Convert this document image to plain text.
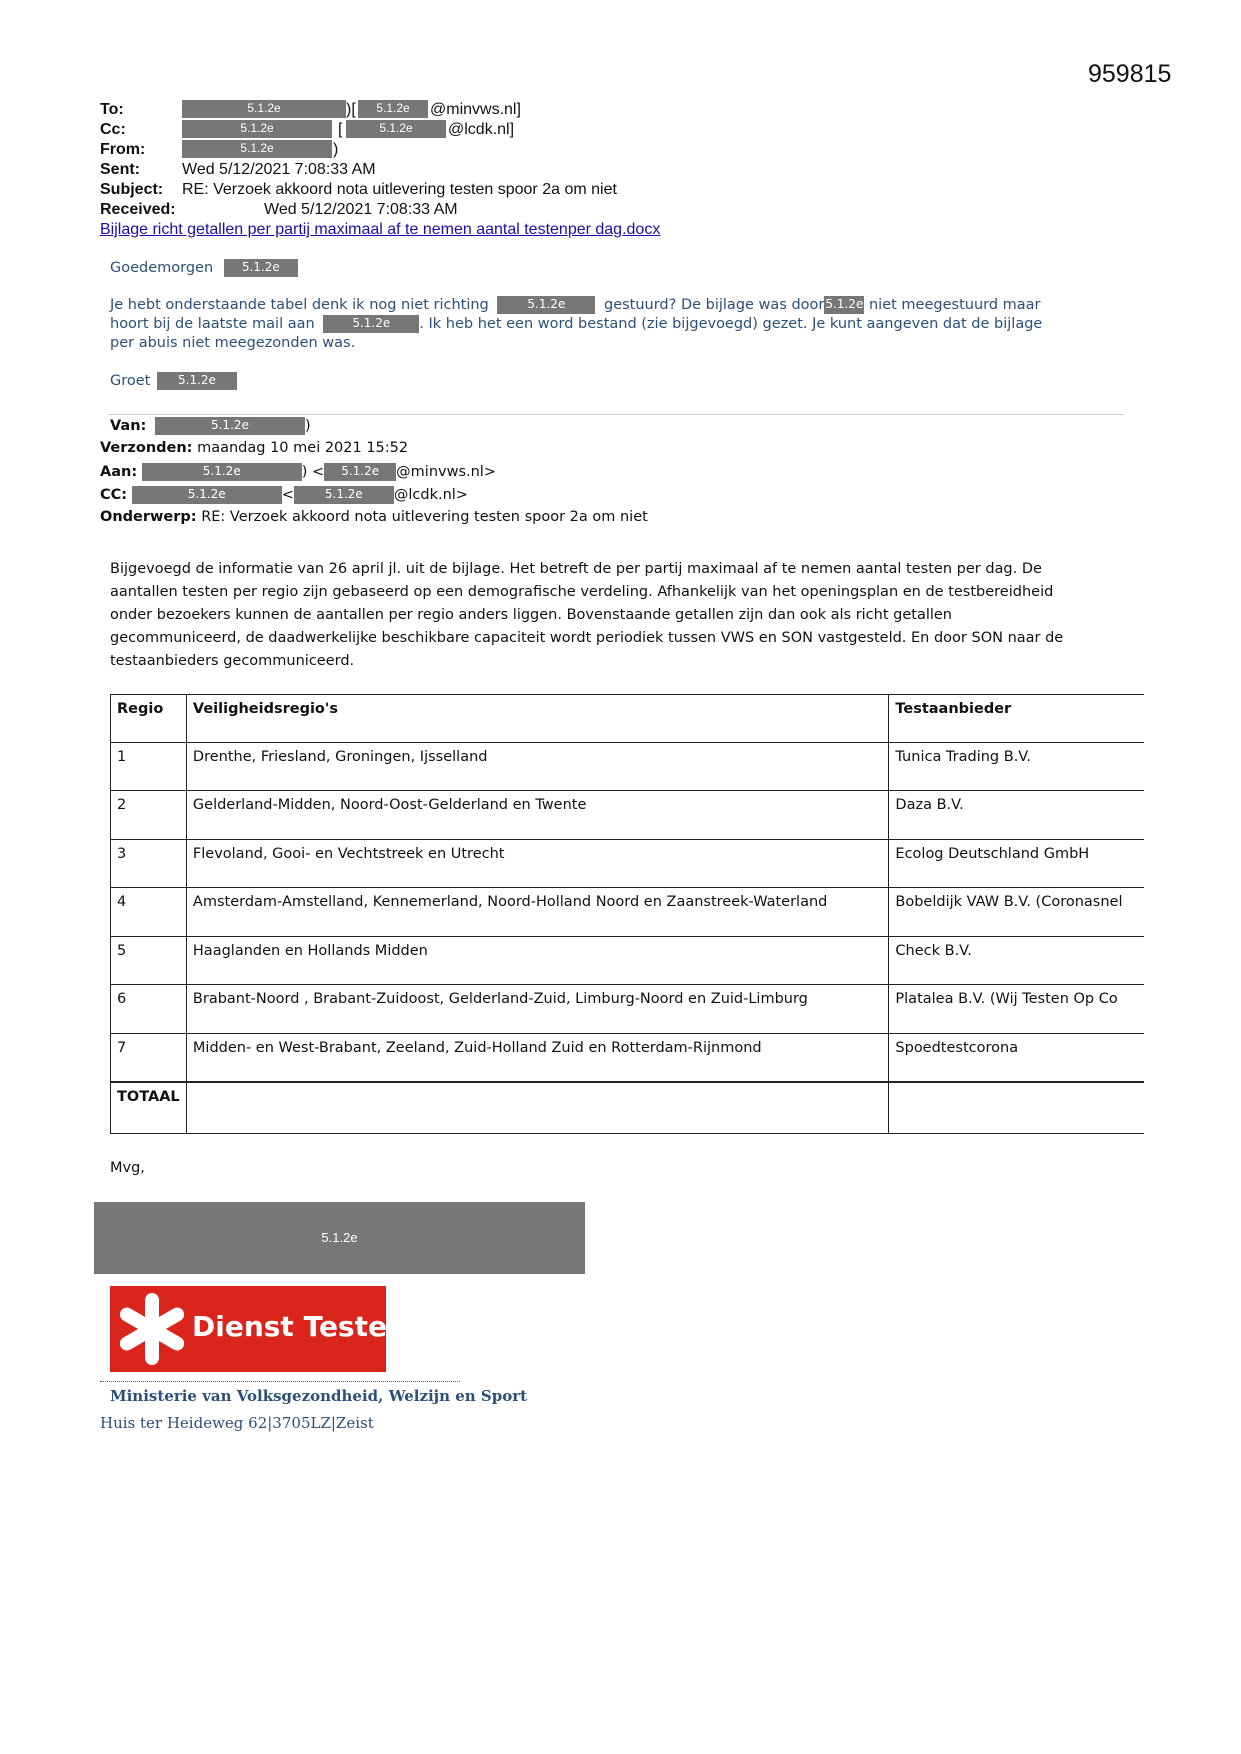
959815
To:	5.1.2e	)[	5.1.2e	@minvws.nl]
Cc:	5.1.2e	[	5.1.2e	@lcdk.nl]
From:	5.1.2e	)
Sent:	Wed 5/12/2021 7:08:33 AM
Subject: RE: Verzoek akkoord nota uitlevering testen spoor 2a om niet
Received:	Wed 5/12/2021 7:08:33 AM
Bijlage richt getallen per partij maximaal af te nemen aantal testenper dag.docx
Goedemorgen 5.1.2e
Je hebt onderstaande tabel denk ik nog niet richting	5.1.2e	gestuurd? De bijlage was door5.1.2e niet meegestuurd maar
hoort bij de laatste mail aan	5.1.2e . Ik heb het een word bestand (zie bijgevoegd) gezet. Je kunt aangeven dat de bijlage
per abuis niet meegezonden was.
Groet 5.1.2e
Van:	5.1.2e	)
Verzonden: maandag 10 mei 2021 15:52
Aan:	5.1.2e	) < 5.1.2e @minvws.nl>
CC:	5.1.2e	<	5.1.2e @lcdk.nl>
Onderwerp: RE: Verzoek akkoord nota uitlevering testen spoor 2a om niet
Bijgevoegd de informatie van 26 april jl. uit de bijlage. Het betreft de per partij maximaal af te nemen aantal testen per dag. De
aantallen testen per regio zijn gebaseerd op een demografische verdeling. Afhankelijk van het openingsplan en de testbereidheid
onder bezoekers kunnen de aantallen per regio anders liggen. Bovenstaande getallen zijn dan ook als richt getallen
gecommuniceerd, de daadwerkelijke beschikbare capaciteit wordt periodiek tussen VWS en SON vastgesteld. En door SON naar de
testaanbieders gecommuniceerd.
Regio	Veiligheidsregio's	Testaanbieder
1	Drenthe, Friesland, Groningen, Ijsselland	Tunica Trading B.V.
2	Gelderland-Midden, Noord-Oost-Gelderland en Twente	Daza B.V.
3	Flevoland, Gooi- en Vechtstreek en Utrecht	Ecolog Deutschland GmbH
4	Amsterdam-Amstelland, Kennemerland, Noord-Holland Noord en Zaanstreek-Waterland	Bobeldijk VAW B.V. (Coronasnel
5	Haaglanden en Hollands Midden	Check B.V.
6	Brabant-Noord , Brabant-Zuidoost, Gelderland-Zuid, Limburg-Noord en Zuid-Limburg	Platalea B.V. (Wij Testen Op Co
7	Midden- en West-Brabant, Zeeland, Zuid-Holland Zuid en Rotterdam-Rijnmond	Spoedtestcorona
TOTAAL		
Mvg,
5.1.2e
Dienst Testen
Ministerie van Volksgezondheid, Welzijn en Sport
Huis ter Heideweg 62|3705LZ|Zeist
